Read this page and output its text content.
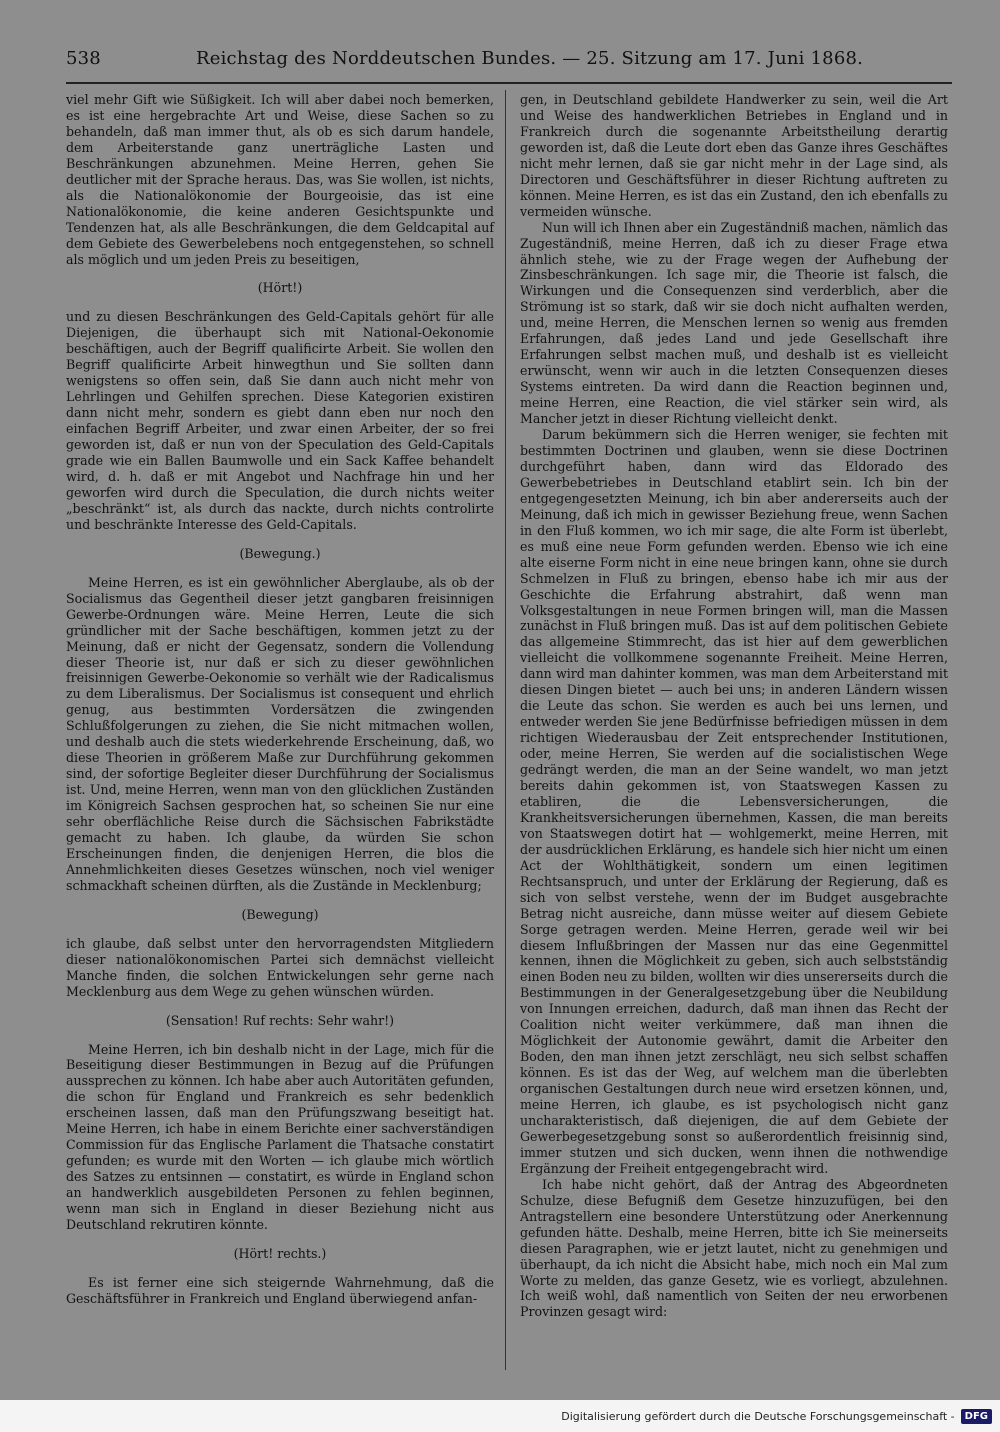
538	Reichstag des Norddeutschen Bundes. — 25. Sitzung am 17. Juni 1868.

viel mehr Gift wie Süßigkeit. Ich will aber dabei noch bemerken, es ist eine hergebrachte Art und Weise, diese Sachen so zu behandeln, daß man immer thut, als ob es sich darum handele, dem Arbeiterstande ganz unerträgliche Lasten und Beschränkungen abzunehmen. Meine Herren, gehen Sie deutlicher mit der Sprache heraus. Das, was Sie wollen, ist nichts, als die Nationalökonomie der Bourgeoisie, das ist eine Nationalökonomie, die keine anderen Gesichtspunkte und Tendenzen hat, als alle Beschränkungen, die dem Geldcapital auf dem Gebiete des Gewerbelebens noch entgegenstehen, so schnell als möglich und um jeden Preis zu beseitigen,

(Hört!)

und zu diesen Beschränkungen des Geld-Capitals gehört für alle Diejenigen, die überhaupt sich mit National-Oekonomie beschäftigen, auch der Begriff qualificirte Arbeit. Sie wollen den Begriff qualificirte Arbeit hinwegthun und Sie sollten dann wenigstens so offen sein, daß Sie dann auch nicht mehr von Lehrlingen und Gehilfen sprechen. Diese Kategorien existiren dann nicht mehr, sondern es giebt dann eben nur noch den einfachen Begriff Arbeiter, und zwar einen Arbeiter, der so frei geworden ist, daß er nun von der Speculation des Geld-Capitals grade wie ein Ballen Baumwolle und ein Sack Kaffee behandelt wird, d. h. daß er mit Angebot und Nachfrage hin und her geworfen wird durch die Speculation, die durch nichts weiter „beschränkt“ ist, als durch das nackte, durch nichts controlirte und beschränkte Interesse des Geld-Capitals.

(Bewegung.)

Meine Herren, es ist ein gewöhnlicher Aberglaube, als ob der Socialismus das Gegentheil dieser jetzt gangbaren freisinnigen Gewerbe-Ordnungen wäre. Meine Herren, Leute die sich gründlicher mit der Sache beschäftigen, kommen jetzt zu der Meinung, daß er nicht der Gegensatz, sondern die Vollendung dieser Theorie ist, nur daß er sich zu dieser gewöhnlichen freisinnigen Gewerbe-Oekonomie so verhält wie der Radicalismus zu dem Liberalismus. Der Socialismus ist consequent und ehrlich genug, aus bestimmten Vordersätzen die zwingenden Schlußfolgerungen zu ziehen, die Sie nicht mitmachen wollen, und deshalb auch die stets wiederkehrende Erscheinung, daß, wo diese Theorien in größerem Maße zur Durchführung gekommen sind, der sofortige Begleiter dieser Durchführung der Socialismus ist. Und, meine Herren, wenn man von den glücklichen Zuständen im Königreich Sachsen gesprochen hat, so scheinen Sie nur eine sehr oberflächliche Reise durch die Sächsischen Fabrikstädte gemacht zu haben. Ich glaube, da würden Sie schon Erscheinungen finden, die denjenigen Herren, die blos die Annehmlichkeiten dieses Gesetzes wünschen, noch viel weniger schmackhaft scheinen dürften, als die Zustände in Mecklenburg;

(Bewegung)

ich glaube, daß selbst unter den hervorragendsten Mitgliedern dieser nationalökonomischen Partei sich demnächst vielleicht Manche finden, die solchen Entwickelungen sehr gerne nach Mecklenburg aus dem Wege zu gehen wünschen würden.

(Sensation! Ruf rechts: Sehr wahr!)

Meine Herren, ich bin deshalb nicht in der Lage, mich für die Beseitigung dieser Bestimmungen in Bezug auf die Prüfungen aussprechen zu können. Ich habe aber auch Autoritäten gefunden, die schon für England und Frankreich es sehr bedenklich erscheinen lassen, daß man den Prüfungszwang beseitigt hat. Meine Herren, ich habe in einem Berichte einer sachverständigen Commission für das Englische Parlament die Thatsache constatirt gefunden; es wurde mit den Worten — ich glaube mich wörtlich des Satzes zu entsinnen — constatirt, es würde in England schon an handwerklich ausgebildeten Personen zu fehlen beginnen, wenn man sich in England in dieser Beziehung nicht aus Deutschland rekrutiren könnte.

(Hört! rechts.)

Es ist ferner eine sich steigernde Wahrnehmung, daß die Geschäftsführer in Frankreich und England überwiegend anfan-

gen, in Deutschland gebildete Handwerker zu sein, weil die Art und Weise des handwerklichen Betriebes in England und in Frankreich durch die sogenannte Arbeitstheilung derartig geworden ist, daß die Leute dort eben das Ganze ihres Geschäftes nicht mehr lernen, daß sie gar nicht mehr in der Lage sind, als Directoren und Geschäftsführer in dieser Richtung auftreten zu können. Meine Herren, es ist das ein Zustand, den ich ebenfalls zu vermeiden wünsche.

Nun will ich Ihnen aber ein Zugeständniß machen, nämlich das Zugeständniß, meine Herren, daß ich zu dieser Frage etwa ähnlich stehe, wie zu der Frage wegen der Aufhebung der Zinsbeschränkungen. Ich sage mir, die Theorie ist falsch, die Wirkungen und die Consequenzen sind verderblich, aber die Strömung ist so stark, daß wir sie doch nicht aufhalten werden, und, meine Herren, die Menschen lernen so wenig aus fremden Erfahrungen, daß jedes Land und jede Gesellschaft ihre Erfahrungen selbst machen muß, und deshalb ist es vielleicht erwünscht, wenn wir auch in die letzten Consequenzen dieses Systems eintreten. Da wird dann die Reaction beginnen und, meine Herren, eine Reaction, die viel stärker sein wird, als Mancher jetzt in dieser Richtung vielleicht denkt.

Darum bekümmern sich die Herren weniger, sie fechten mit bestimmten Doctrinen und glauben, wenn sie diese Doctrinen durchgeführt haben, dann wird das Eldorado des Gewerbebetriebes in Deutschland etablirt sein. Ich bin der entgegengesetzten Meinung, ich bin aber andererseits auch der Meinung, daß ich mich in gewisser Beziehung freue, wenn Sachen in den Fluß kommen, wo ich mir sage, die alte Form ist überlebt, es muß eine neue Form gefunden werden. Ebenso wie ich eine alte eiserne Form nicht in eine neue bringen kann, ohne sie durch Schmelzen in Fluß zu bringen, ebenso habe ich mir aus der Geschichte die Erfahrung abstrahirt, daß wenn man Volksgestaltungen in neue Formen bringen will, man die Massen zunächst in Fluß bringen muß. Das ist auf dem politischen Gebiete das allgemeine Stimmrecht, das ist hier auf dem gewerblichen vielleicht die vollkommene sogenannte Freiheit. Meine Herren, dann wird man dahinter kommen, was man dem Arbeiterstand mit diesen Dingen bietet — auch bei uns; in anderen Ländern wissen die Leute das schon. Sie werden es auch bei uns lernen, und entweder werden Sie jene Bedürfnisse befriedigen müssen in dem richtigen Wiederausbau der Zeit entsprechender Institutionen, oder, meine Herren, Sie werden auf die socialistischen Wege gedrängt werden, die man an der Seine wandelt, wo man jetzt bereits dahin gekommen ist, von Staatswegen Kassen zu etabliren, die die Lebensversicherungen, die Krankheitsversicherungen übernehmen, Kassen, die man bereits von Staatswegen dotirt hat — wohlgemerkt, meine Herren, mit der ausdrücklichen Erklärung, es handele sich hier nicht um einen Act der Wohlthätigkeit, sondern um einen legitimen Rechtsanspruch, und unter der Erklärung der Regierung, daß es sich von selbst verstehe, wenn der im Budget ausgebrachte Betrag nicht ausreiche, dann müsse weiter auf diesem Gebiete Sorge getragen werden. Meine Herren, gerade weil wir bei diesem Influßbringen der Massen nur das eine Gegenmittel kennen, ihnen die Möglichkeit zu geben, sich auch selbstständig einen Boden neu zu bilden, wollten wir dies unsererseits durch die Bestimmungen in der Generalgesetzgebung über die Neubildung von Innungen erreichen, dadurch, daß man ihnen das Recht der Coalition nicht weiter verkümmere, daß man ihnen die Möglichkeit der Autonomie gewährt, damit die Arbeiter den Boden, den man ihnen jetzt zerschlägt, neu sich selbst schaffen können. Es ist das der Weg, auf welchem man die überlebten organischen Gestaltungen durch neue wird ersetzen können, und, meine Herren, ich glaube, es ist psychologisch nicht ganz uncharakteristisch, daß diejenigen, die auf dem Gebiete der Gewerbegesetzgebung sonst so außerordentlich freisinnig sind, immer stutzen und sich ducken, wenn ihnen die nothwendige Ergänzung der Freiheit entgegengebracht wird.

Ich habe nicht gehört, daß der Antrag des Abgeordneten Schulze, diese Befugniß dem Gesetze hinzuzufügen, bei den Antragstellern eine besondere Unterstützung oder Anerkennung gefunden hätte. Deshalb, meine Herren, bitte ich Sie meinerseits diesen Paragraphen, wie er jetzt lautet, nicht zu genehmigen und überhaupt, da ich nicht die Absicht habe, mich noch ein Mal zum Worte zu melden, das ganze Gesetz, wie es vorliegt, abzulehnen. Ich weiß wohl, daß namentlich von Seiten der neu erworbenen Provinzen gesagt wird:

Digitalisierung gefördert durch die Deutsche Forschungsgemeinschaft -	DFG
